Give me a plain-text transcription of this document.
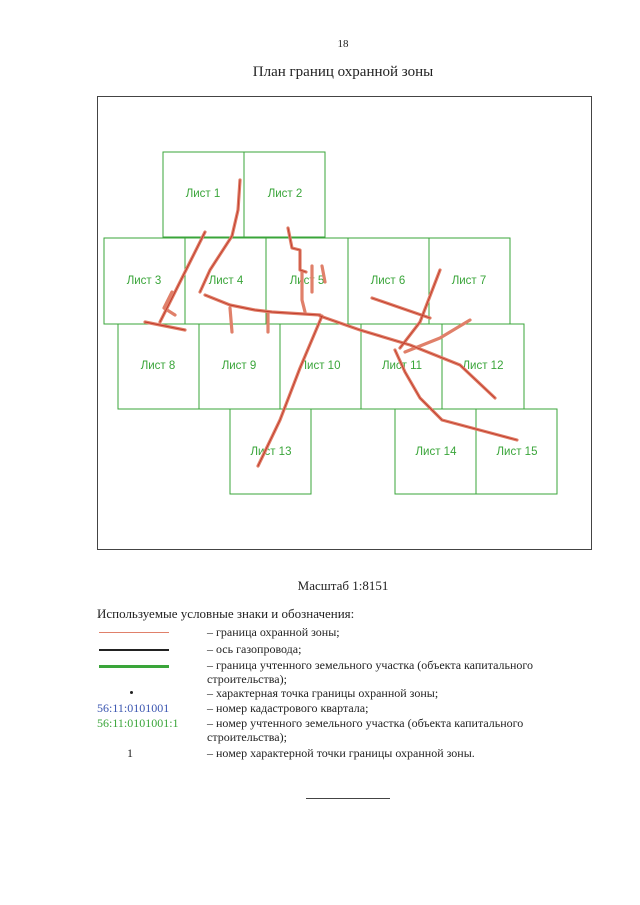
18
План границ охранной зоны
Лист 1	Лист 2
Лист 3	Лист 4	Лист 5	Лист 6	Лист 7
Лист 8	Лист 9	Лист 10	Лист 11	Лист 12
Лист 13	Лист 14	Лист 15
Масштаб 1:8151
Используемые условные знаки и обозначения:
– граница охранной зоны;
– ось газопровода;
– граница учтенного земельного участка (объекта капитального строительства);
– характерная точка границы охранной зоны;
56:11:0101001	– номер кадастрового квартала;
56:11:0101001:1	– номер учтенного земельного участка (объекта капитального строительства);
1	– номер характерной точки границы охранной зоны.
